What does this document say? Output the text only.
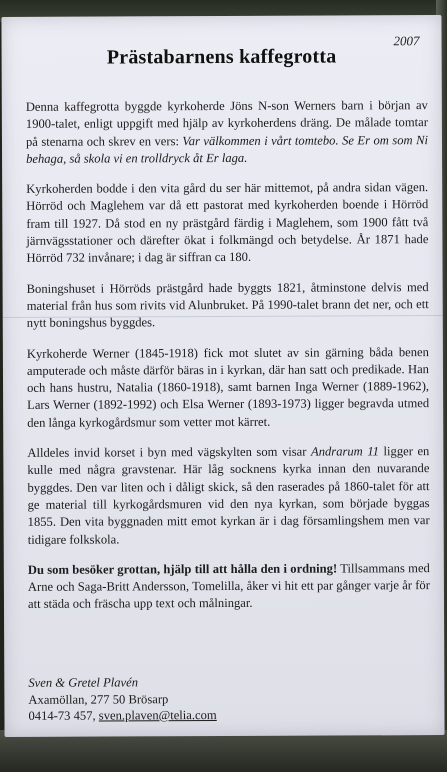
2007
Prästabarnens kaffegrotta

Denna kaffegrotta byggde kyrkoherde Jöns N-son Werners barn i början av 1900-talet, enligt uppgift med hjälp av kyrkoherdens dräng. De målade tomtar på stenarna och skrev en vers: Var välkommen i vårt tomtebo. Se Er om som Ni behaga, så skola vi en trolldryck åt Er laga.

Kyrkoherden bodde i den vita gård du ser här mittemot, på andra sidan vägen. Hörröd och Maglehem var då ett pastorat med kyrkoherden boende i Hörröd fram till 1927. Då stod en ny prästgård färdig i Maglehem, som 1900 fått två järnvägsstationer och därefter ökat i folkmängd och betydelse. År 1871 hade Hörröd 732 invånare; i dag är siffran ca 180.

Boningshuset i Hörröds prästgård hade byggts 1821, åtminstone delvis med material från hus som rivits vid Alunbruket. På 1990-talet brann det ner, och ett nytt boningshus byggdes.

Kyrkoherde Werner (1845-1918) fick mot slutet av sin gärning båda benen amputerade och måste därför bäras in i kyrkan, där han satt och predikade. Han och hans hustru, Natalia (1860-1918), samt barnen Inga Werner (1889-1962), Lars Werner (1892-1992) och Elsa Werner (1893-1973) ligger begravda utmed den långa kyrkogårdsmur som vetter mot kärret.

Alldeles invid korset i byn med vägskylten som visar Andrarum 11 ligger en kulle med några gravstenar. Här låg socknens kyrka innan den nuvarande byggdes. Den var liten och i dåligt skick, så den raserades på 1860-talet för att ge material till kyrkogårdsmuren vid den nya kyrkan, som började byggas 1855. Den vita byggnaden mitt emot kyrkan är i dag församlingshem men var tidigare folkskola.

Du som besöker grottan, hjälp till att hålla den i ordning! Tillsammans med Arne och Saga-Britt Andersson, Tomelilla, åker vi hit ett par gånger varje år för att städa och fräscha upp text och målningar.

Sven & Gretel Plavén
Axamöllan, 277 50 Brösarp
0414-73 457, sven.plaven@telia.com
